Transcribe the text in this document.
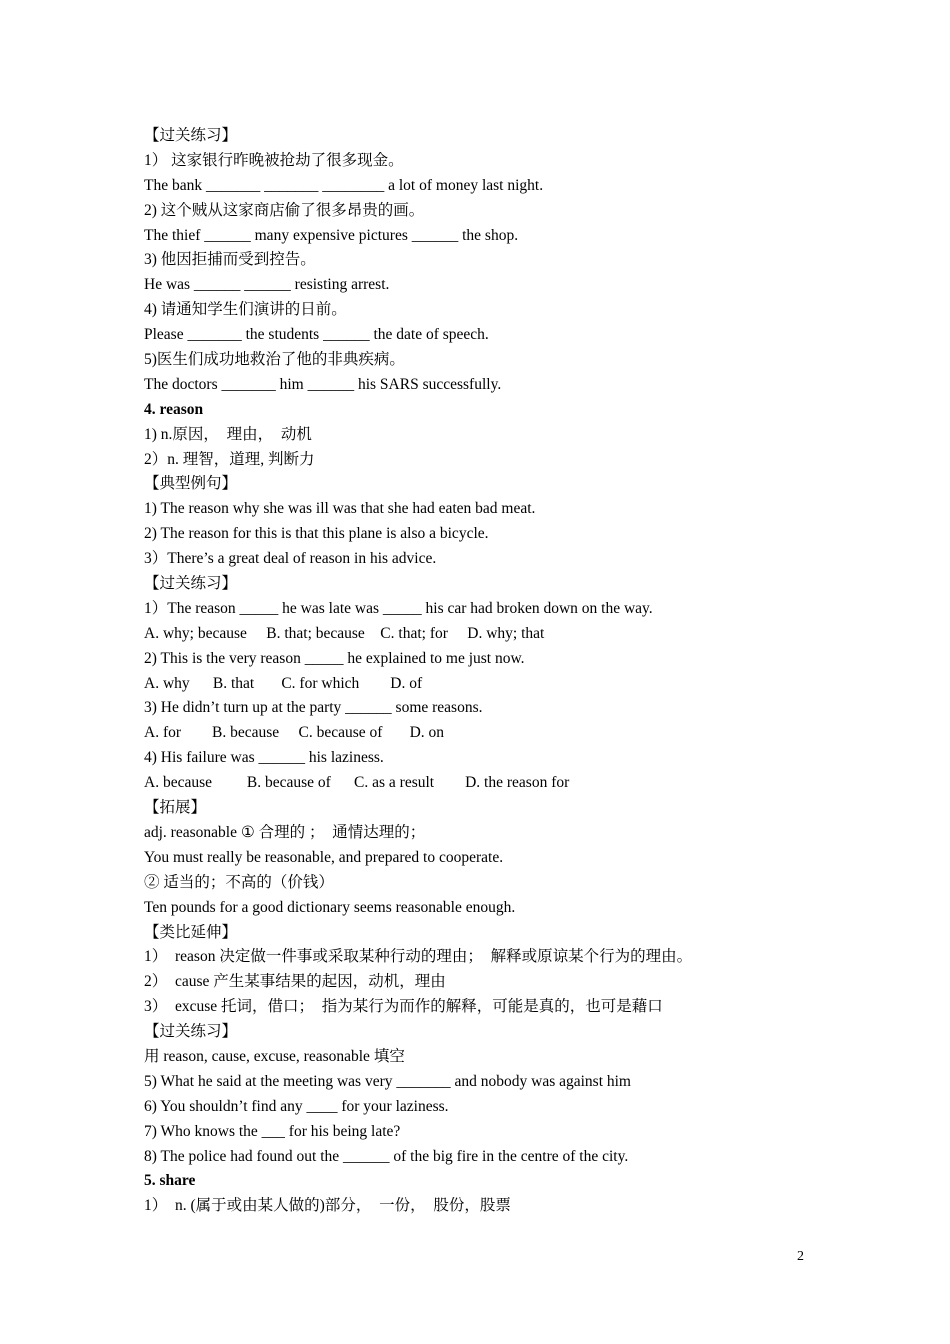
【过关练习】
1） 这家银行昨晚被抢劫了很多现金。
The bank _______ _______ ________ a lot of money last night.
2) 这个贼从这家商店偷了很多昂贵的画。
The thief ______ many expensive pictures ______ the shop.
3) 他因拒捕而受到控告。
He was ______ ______ resisting arrest.
4) 请通知学生们演讲的日前。
Please _______ the students ______ the date of speech.
5)医生们成功地救治了他的非典疾病。
The doctors _______ him ______ his SARS successfully.
4. reason
1) n.原因，  理由，  动机
2）n. 理智，道理, 判断力
【典型例句】
1) The reason why she was ill was that she had eaten bad meat.
2) The reason for this is that this plane is also a bicycle.
3）There’s a great deal of reason in his advice.
【过关练习】
1）The reason _____ he was late was _____ his car had broken down on the way.
A. why; because     B. that; because    C. that; for     D. why; that
2) This is the very reason _____ he explained to me just now.
A. why      B. that       C. for which        D. of
3) He didn’t turn up at the party ______ some reasons.
A. for        B. because     C. because of       D. on
4) His failure was ______ his laziness.
A. because         B. because of      C. as a result        D. the reason for
【拓展】
adj. reasonable ① 合理的 ；  通情达理的；
You must really be reasonable, and prepared to cooperate.
② 适当的；不高的（价钱）
Ten pounds for a good dictionary seems reasonable enough.
【类比延伸】
1）  reason 决定做一件事或采取某种行动的理由；  解释或原谅某个行为的理由。
2）  cause 产生某事结果的起因，动机，理由
3）  excuse 托词，借口；  指为某行为而作的解释，可能是真的，也可是藉口
【过关练习】
用 reason, cause, excuse, reasonable 填空
5) What he said at the meeting was very _______ and nobody was against him
6) You shouldn’t find any ____ for your laziness.
7) Who knows the ___ for his being late?
8) The police had found out the ______ of the big fire in the centre of the city.
5. share
1）  n. (属于或由某人做的)部分，  一份，  股份，股票
2
